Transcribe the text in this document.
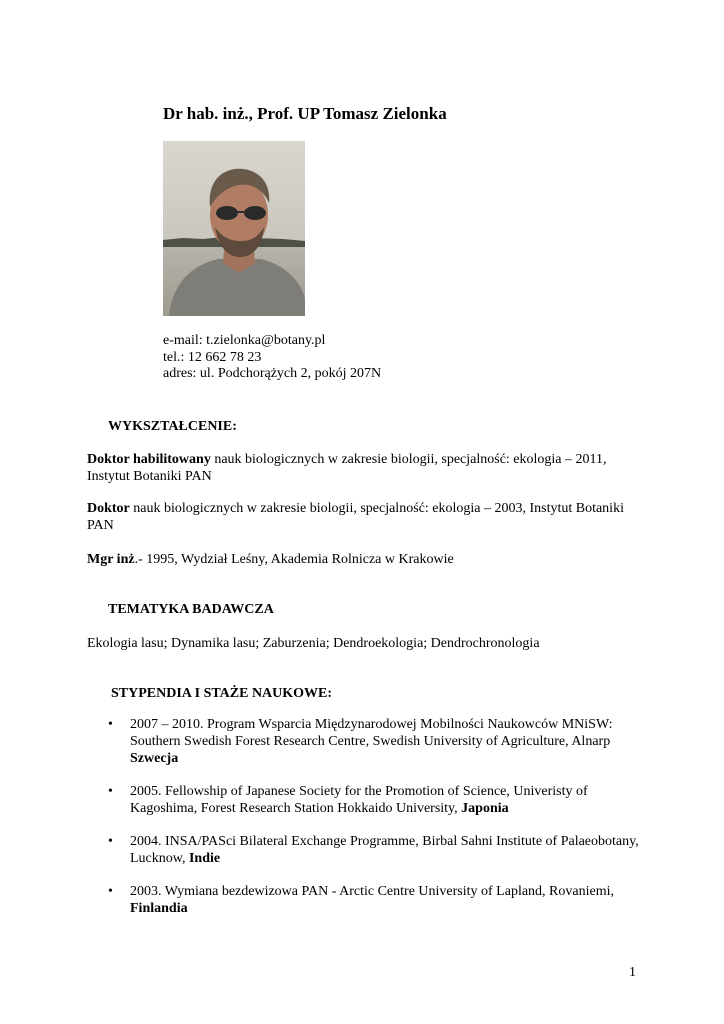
Dr hab. inż., Prof. UP Tomasz Zielonka
e-mail: t.zielonka@botany.pl
tel.: 12 662 78 23
adres: ul. Podchorążych 2, pokój 207N
WYKSZTAŁCENIE:
Doktor habilitowany nauk biologicznych w zakresie biologii, specjalność: ekologia – 2011, Instytut Botaniki PAN
Doktor nauk biologicznych w zakresie biologii, specjalność: ekologia – 2003, Instytut Botaniki PAN
Mgr inż.- 1995, Wydział Leśny, Akademia Rolnicza w Krakowie
TEMATYKA BADAWCZA
Ekologia lasu; Dynamika lasu; Zaburzenia; Dendroekologia; Dendrochronologia
STYPENDIA I STAŻE NAUKOWE:
• 2007 – 2010. Program Wsparcia Międzynarodowej Mobilności Naukowców MNiSW: Southern Swedish Forest Research Centre, Swedish University of Agriculture, Alnarp Szwecja
• 2005. Fellowship of Japanese Society for the Promotion of Science, Univeristy of Kagoshima, Forest Research Station Hokkaido University, Japonia
• 2004. INSA/PASci Bilateral Exchange Programme, Birbal Sahni Institute of Palaeobotany, Lucknow, Indie
• 2003. Wymiana bezdewizowa PAN - Arctic Centre University of Lapland, Rovaniemi, Finlandia
1
